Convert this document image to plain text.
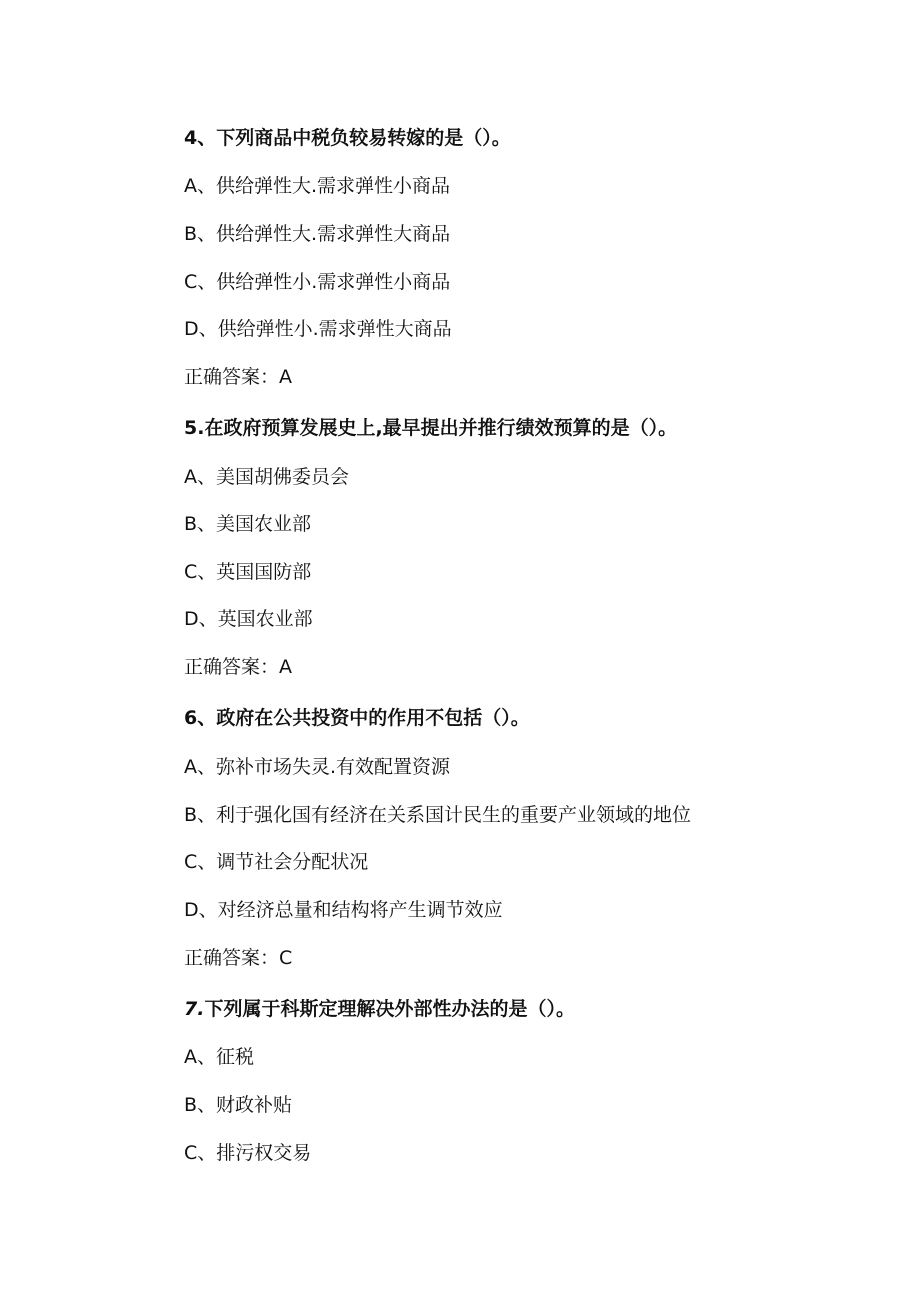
4、下列商品中税负较易转嫁的是（）。
A、供给弹性大.需求弹性小商品
B、供给弹性大.需求弹性大商品
C、供给弹性小.需求弹性小商品
D、供给弹性小.需求弹性大商品
正确答案：A
5.在政府预算发展史上,最早提出并推行绩效预算的是（）。
A、美国胡佛委员会
B、美国农业部
C、英国国防部
D、英国农业部
正确答案：A
6、政府在公共投资中的作用不包括（）。
A、弥补市场失灵.有效配置资源
B、利于强化国有经济在关系国计民生的重要产业领域的地位
C、调节社会分配状况
D、对经济总量和结构将产生调节效应
正确答案：C
7.下列属于科斯定理解决外部性办法的是（）。
A、征税
B、财政补贴
C、排污权交易
